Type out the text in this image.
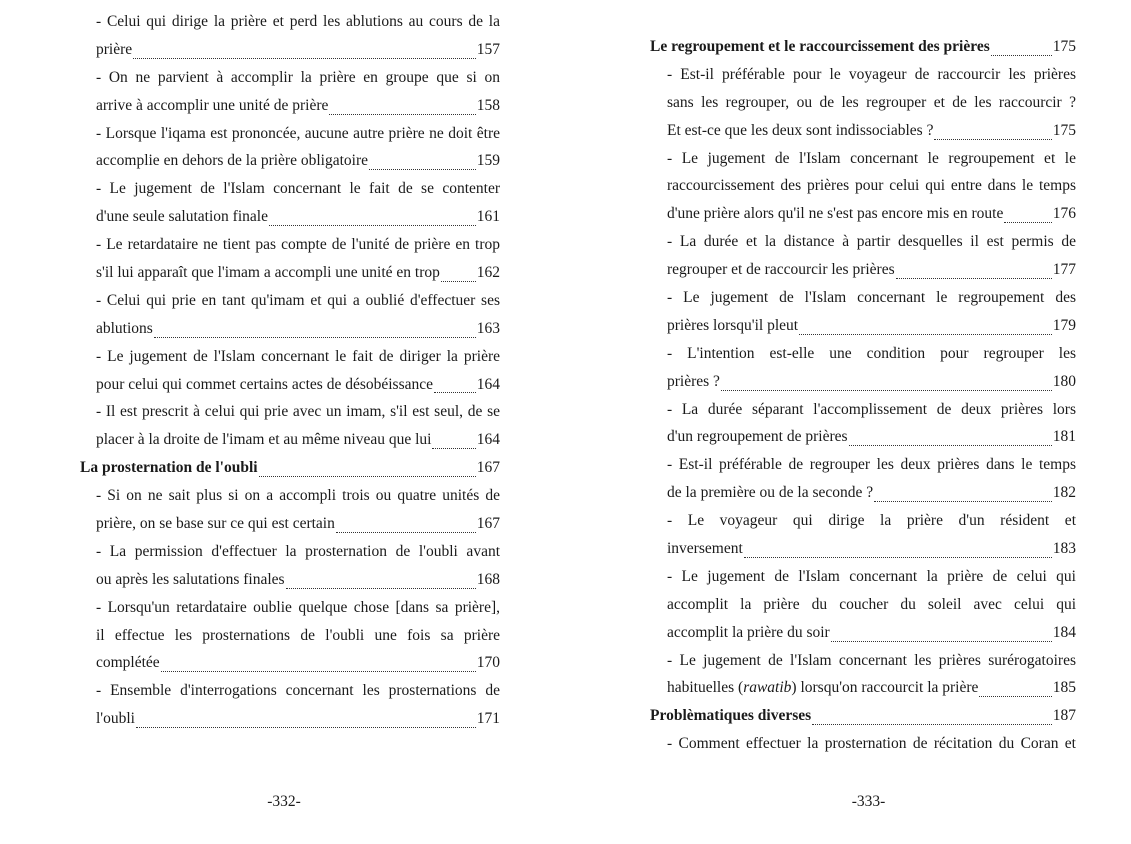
- Celui qui dirige la prière et perd les ablutions au cours de la
prière	157
- On ne parvient à accomplir la prière en groupe que si on
arrive à accomplir une unité de prière	158
- Lorsque l'iqama est prononcée, aucune autre prière ne doit être
accomplie en dehors de la prière obligatoire	159
- Le jugement de l'Islam concernant le fait de se contenter
d'une seule salutation finale	161
- Le retardataire ne tient pas compte de l'unité de prière en trop
s'il lui apparaît que l'imam a accompli une unité en trop 162
- Celui qui prie en tant qu'imam et qui a oublié d'effectuer ses
ablutions	163
- Le jugement de l'Islam concernant le fait de diriger la prière
pour celui qui commet certains actes de désobéissance	164
- Il est prescrit à celui qui prie avec un imam, s'il est seul, de se
placer à la droite de l'imam et au même niveau que lui	164
La prosternation de l'oubli	167
- Si on ne sait plus si on a accompli trois ou quatre unités de
prière, on se base sur ce qui est certain	167
- La permission d'effectuer la prosternation de l'oubli avant
ou après les salutations finales	168
- Lorsqu'un retardataire oublie quelque chose [dans sa prière],
il effectue les prosternations de l'oubli une fois sa prière
complétée	170
- Ensemble d'interrogations concernant les prosternations de
l'oubli	171
-332-
Le regroupement et le raccourcissement des prières	175
- Est-il préférable pour le voyageur de raccourcir les prières
sans les regrouper, ou de les regrouper et de les raccourcir ?
Et est-ce que les deux sont indissociables ?	175
- Le jugement de l'Islam concernant le regroupement et le
raccourcissement des prières pour celui qui entre dans le temps
d'une prière alors qu'il ne s'est pas encore mis en route	176
- La durée et la distance à partir desquelles il est permis de
regrouper et de raccourcir les prières	177
- Le jugement de l'Islam concernant le regroupement des
prières lorsqu'il pleut	179
- L'intention est-elle une condition pour regrouper les
prières ?	180
- La durée séparant l'accomplissement de deux prières lors
d'un regroupement de prières	181
- Est-il préférable de regrouper les deux prières dans le temps
de la première ou de la seconde ?	182
- Le voyageur qui dirige la prière d'un résident et
inversement	183
- Le jugement de l'Islam concernant la prière de celui qui
accomplit la prière du coucher du soleil avec celui qui
accomplit la prière du soir	184
- Le jugement de l'Islam concernant les prières surérogatoires
habituelles (rawatib) lorsqu'on raccourcit la prière	185
Problèmatiques diverses	187
- Comment effectuer la prosternation de récitation du Coran et
-333-
